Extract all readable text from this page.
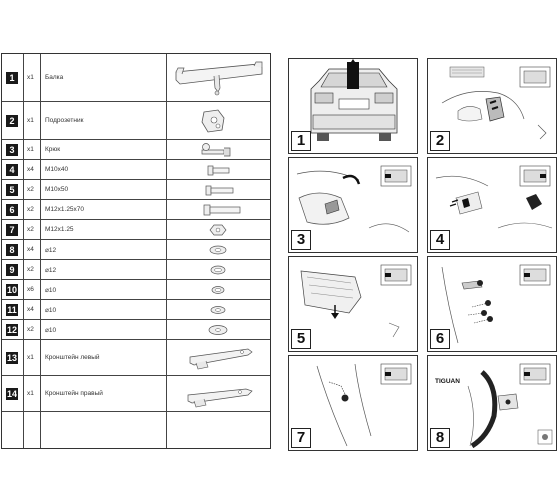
1	x1 Балка
2	x1 Подрозетник
3	x1 Крюк
4	x4 M10x40
5	x2 M10x50
6	x2 M12x1.25x70
7	x2 M12x1.25
8	x4 ⌀12
9	x2 ⌀12
10 x6 ⌀10
11 x4 ⌀10
12 x2 ⌀10
13 x1 Кронштейн левый
14 x1 Кронштейн правый
1	2
3	4
5	6
7
TIGUAN
8
